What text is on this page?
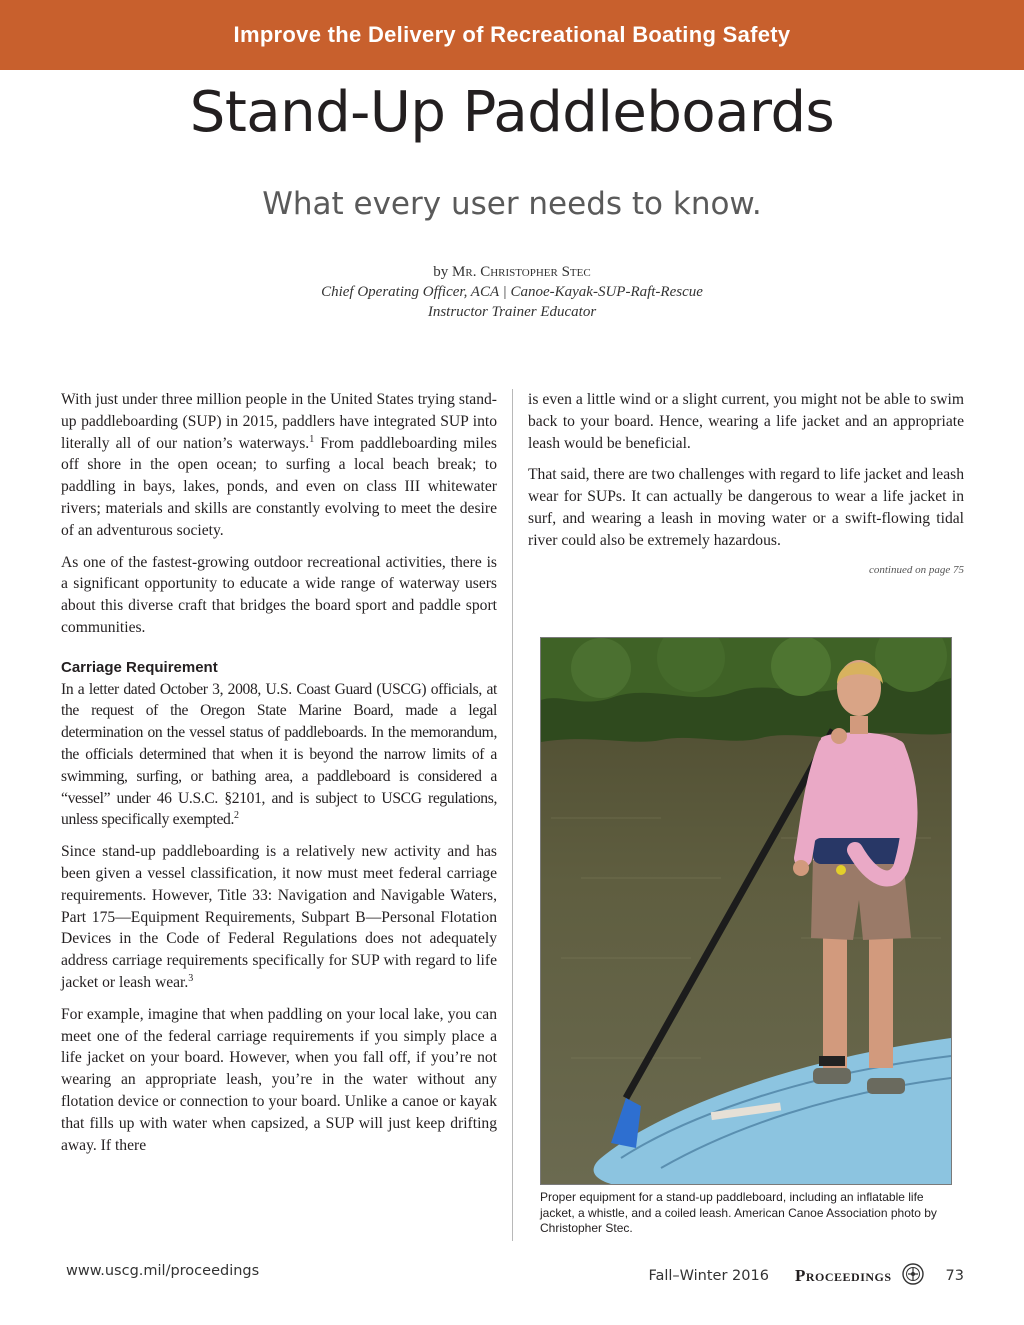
Improve the Delivery of Recreational Boating Safety
Stand-Up Paddleboards
What every user needs to know.
by Mr. Christopher Stec
Chief Operating Officer, ACA | Canoe-Kayak-SUP-Raft-Rescue
Instructor Trainer Educator

With just under three million people in the United States trying stand-up paddleboarding (SUP) in 2015, paddlers have integrated SUP into literally all of our nation’s waterways.$^1$ From paddleboarding miles off shore in the open ocean; to surfing a local beach break; to paddling in bays, lakes, ponds, and even on class III whitewater rivers; materials and skills are constantly evolving to meet the desire of an adventurous society.

As one of the fastest-growing outdoor recreational activities, there is a significant opportunity to educate a wide range of waterway users about this diverse craft that bridges the board sport and paddle sport communities.

Carriage Requirement

In a letter dated October 3, 2008, U.S. Coast Guard (USCG) officials, at the request of the Oregon State Marine Board, made a legal determination on the vessel status of paddleboards. In the memorandum, the officials determined that when it is beyond the narrow limits of a swimming, surfing, or bathing area, a paddleboard is considered a “vessel” under 46 U.S.C. §2101, and is subject to USCG regulations, unless specifically exempted.$^2$

Since stand-up paddleboarding is a relatively new activity and has been given a vessel classification, it now must meet federal carriage requirements. However, Title 33: Navigation and Navigable Waters, Part 175—Equipment Requirements, Subpart B—Personal Flotation Devices in the Code of Federal Regulations does not adequately address carriage requirements specifically for SUP with regard to life jacket or leash wear.$^3$

For example, imagine that when paddling on your local lake, you can meet one of the federal carriage requirements if you simply place a life jacket on your board. However, when you fall off, if you’re not wearing an appropriate leash, you’re in the water without any flotation device or connection to your board. Unlike a canoe or kayak that fills up with water when capsized, a SUP will just keep drifting away. If there

is even a little wind or a slight current, you might not be able to swim back to your board. Hence, wearing a life jacket and an appropriate leash would be beneficial.

That said, there are two challenges with regard to life jacket and leash wear for SUPs. It can actually be dangerous to wear a life jacket in surf, and wearing a leash in moving water or a swift-flowing tidal river could also be extremely hazardous.

continued on page 75
Proper equipment for a stand-up paddleboard, including an inflatable life jacket, a whistle, and a coiled leash. American Canoe Association photo by Christopher Stec.
www.uscg.mil/proceedings	Fall–Winter 2016 Proceedings	73
